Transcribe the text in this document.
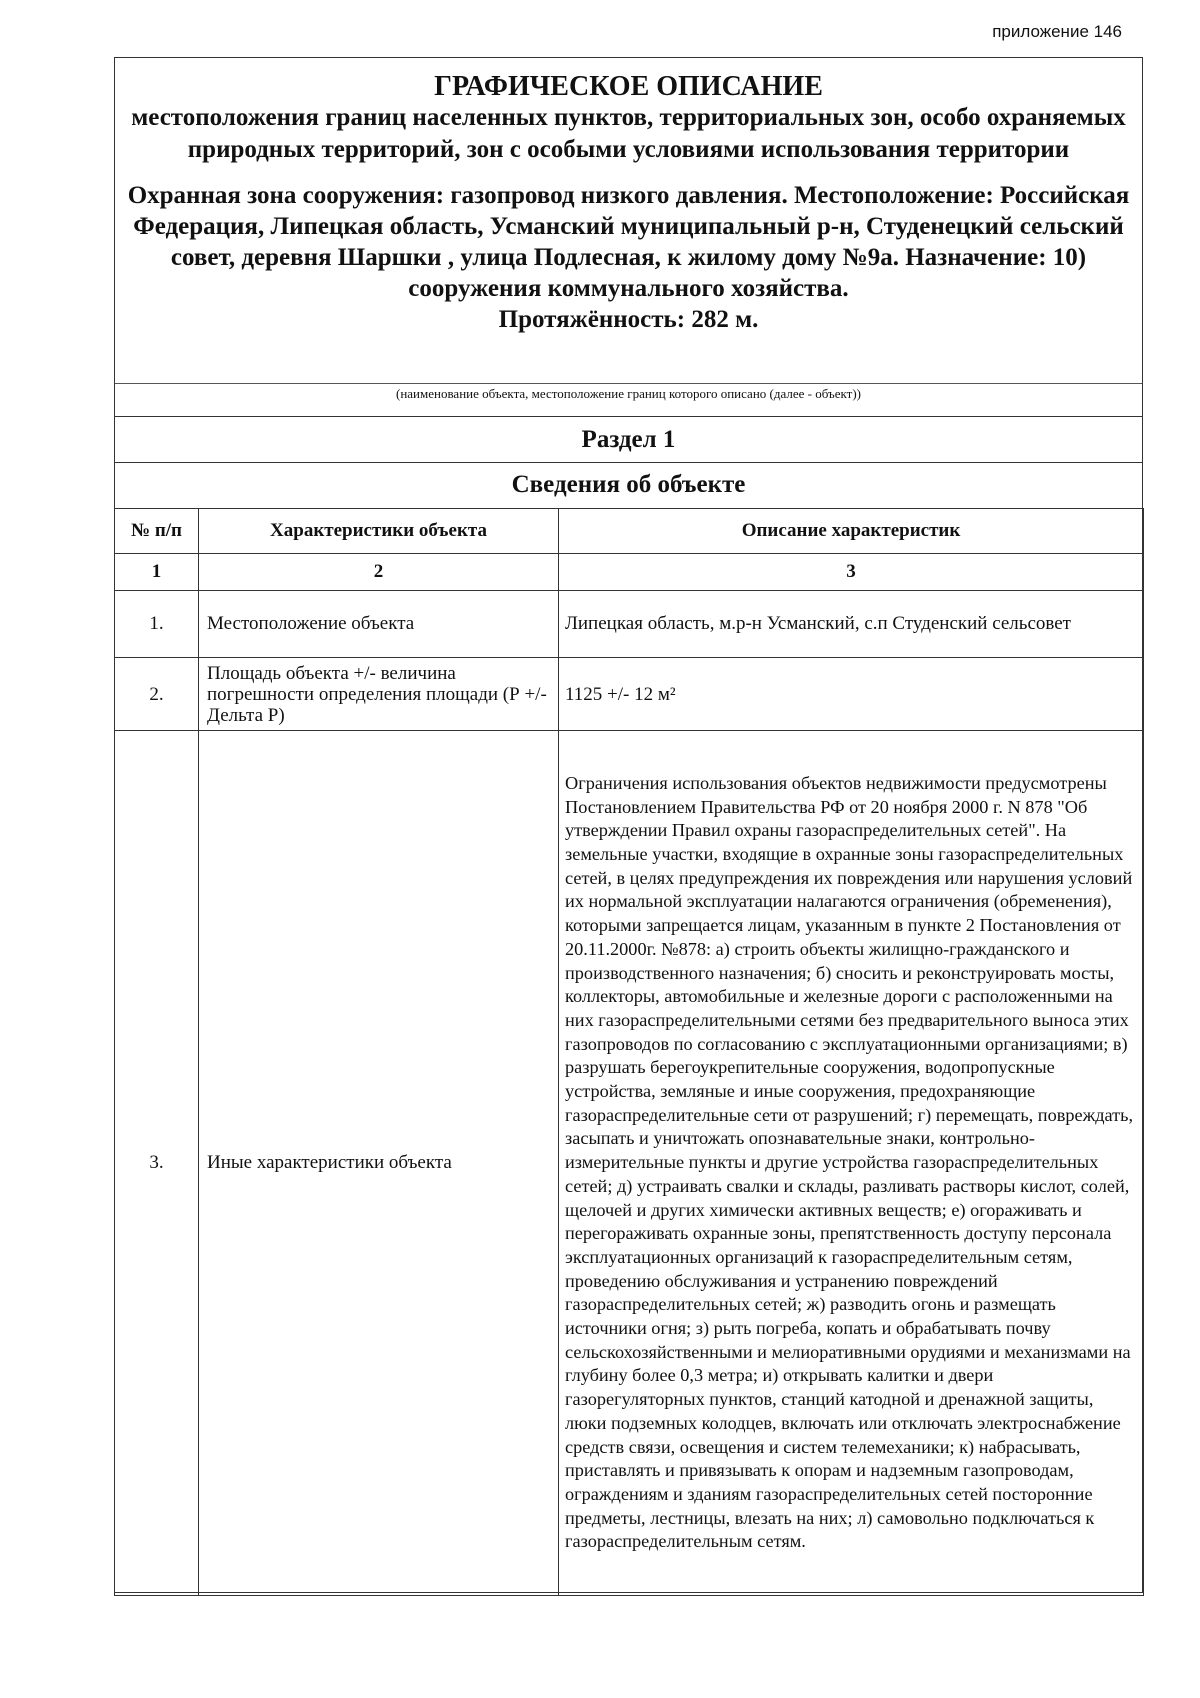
приложение 146
ГРАФИЧЕСКОЕ ОПИСАНИЕ
местоположения границ населенных пунктов, территориальных зон, особо охраняемых природных территорий, зон с особыми условиями использования территории
Охранная зона сооружения: газопровод низкого давления. Местоположение: Российская Федерация, Липецкая область, Усманский муниципальный р-н, Студенецкий сельский совет, деревня Шаршки , улица Подлесная, к жилому дому №9а. Назначение: 10) сооружения коммунального хозяйства.
Протяжённость: 282 м.
(наименование объекта, местоположение границ которого описано (далее - объект))
Раздел 1
Сведения об объекте
№ п/п	Характеристики объекта	Описание характеристик
1	2	3
1.	Местоположение объекта	Липецкая область, м.р-н Усманский, с.п Студенский сельсовет
2.	Площадь объекта +/- величина погрешности определения площади (Р +/- Дельта Р)	1125 +/- 12 м²
3.	Иные характеристики объекта	Ограничения использования объектов недвижимости предусмотрены Постановлением Правительства РФ от 20 ноября 2000 г. N 878 "Об утверждении Правил охраны газораспределительных сетей". На земельные участки, входящие в охранные зоны газораспределительных сетей, в целях предупреждения их повреждения или нарушения условий их нормальной эксплуатации налагаются ограничения (обременения), которыми запрещается лицам, указанным в пункте 2 Постановления от 20.11.2000г. №878: а) строить объекты жилищно-гражданского и производственного назначения; б) сносить и реконструировать мосты, коллекторы, автомобильные и железные дороги с расположенными на них газораспределительными сетями без предварительного выноса этих газопроводов по согласованию с эксплуатационными организациями; в) разрушать берегоукрепительные сооружения, водопропускные устройства, земляные и иные сооружения, предохраняющие газораспределительные сети от разрушений; г) перемещать, повреждать, засыпать и уничтожать опознавательные знаки, контрольно-измерительные пункты и другие устройства газораспределительных сетей; д) устраивать свалки и склады, разливать растворы кислот, солей, щелочей и других химически активных веществ; е) огораживать и перегораживать охранные зоны, препятственность доступу персонала эксплуатационных организаций к газораспределительным сетям, проведению обслуживания и устранению повреждений газораспределительных сетей; ж) разводить огонь и размещать источники огня; з) рыть погреба, копать и обрабатывать почву сельскохозяйственными и мелиоративными орудиями и механизмами на глубину более 0,3 метра; и) открывать калитки и двери газорегуляторных пунктов, станций катодной и дренажной защиты, люки подземных колодцев, включать или отключать электроснабжение средств связи, освещения и систем телемеханики; к) набрасывать, приставлять и привязывать к опорам и надземным газопроводам, ограждениям и зданиям газораспределительных сетей посторонние предметы, лестницы, влезать на них; л) самовольно подключаться к газораспределительным сетям.
